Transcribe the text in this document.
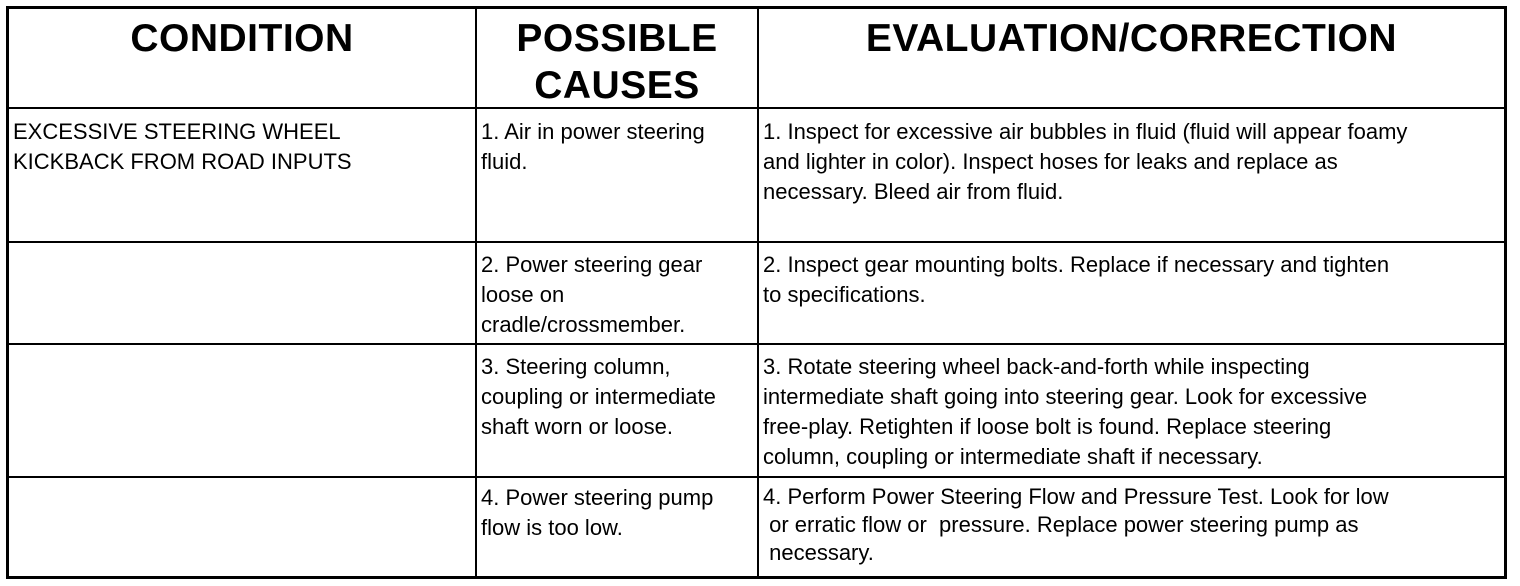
CONDITION	POSSIBLE
CAUSES
EVALUATION/CORRECTION
EXCESSIVE STEERING WHEEL
KICKBACK FROM ROAD INPUTS
1. Air in power steering
fluid.
1. Inspect for excessive air bubbles in fluid (fluid will appear foamy
and lighter in color). Inspect hoses for leaks and replace as
necessary. Bleed air from fluid.
2. Power steering gear
loose on
cradle/crossmember.
2. Inspect gear mounting bolts. Replace if necessary and tighten
to specifications.
3. Steering column,
coupling or intermediate
shaft worn or loose.
3. Rotate steering wheel back-and-forth while inspecting
intermediate shaft going into steering gear. Look for excessive
free-play. Retighten if loose bolt is found. Replace steering
column, coupling or intermediate shaft if necessary.
4. Power steering pump
flow is too low.
4. Perform Power Steering Flow and Pressure Test. Look for low
or erratic flow or  pressure. Replace power steering pump as
necessary.
